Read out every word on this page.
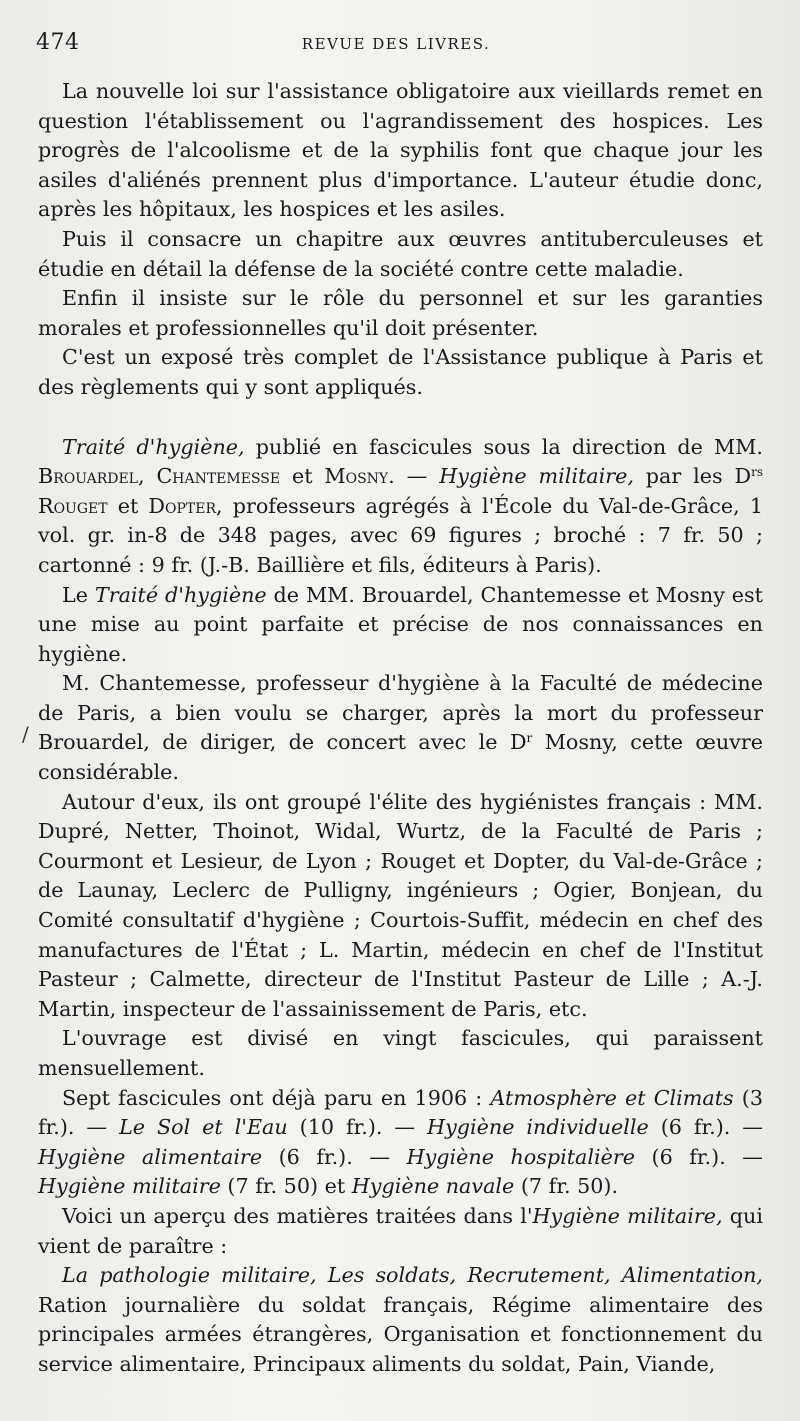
474	REVUE DES LIVRES.
/

La nouvelle loi sur l'assistance obligatoire aux vieillards remet en question l'établissement ou l'agrandissement des hospices. Les progrès de l'alcoolisme et de la syphilis font que chaque jour les asiles d'aliénés prennent plus d'importance. L'auteur étudie donc, après les hôpitaux, les hospices et les asiles.

Puis il consacre un chapitre aux œuvres antituberculeuses et étudie en détail la défense de la société contre cette maladie.

Enfin il insiste sur le rôle du personnel et sur les garanties morales et professionnelles qu'il doit présenter.

C'est un exposé très complet de l'Assistance publique à Paris et des règlements qui y sont appliqués.

Traité d'hygiène, publié en fascicules sous la direction de MM. Brouardel, Chantemesse et Mosny. — Hygiène militaire, par les $D^{rs}$ Rouget et Dopter, professeurs agrégés à l'École du Val-de-Grâce, 1 vol. gr. in-8 de 348 pages, avec 69 figures ; broché : 7 fr. 50 ; cartonné : 9 fr. (J.-B. Baillière et fils, éditeurs à Paris).

Le Traité d'hygiène de MM. Brouardel, Chantemesse et Mosny est une mise au point parfaite et précise de nos connaissances en hygiène.

M. Chantemesse, professeur d'hygiène à la Faculté de médecine de Paris, a bien voulu se charger, après la mort du professeur Brouardel, de diriger, de concert avec le $D^r$ Mosny, cette œuvre considérable.

Autour d'eux, ils ont groupé l'élite des hygiénistes français : MM. Dupré, Netter, Thoinot, Widal, Wurtz, de la Faculté de Paris ; Courmont et Lesieur, de Lyon ; Rouget et Dopter, du Val-de-Grâce ; de Launay, Leclerc de Pulligny, ingénieurs ; Ogier, Bonjean, du Comité consultatif d'hygiène ; Courtois-Suffit, médecin en chef des manufactures de l'État ; L. Martin, médecin en chef de l'Institut Pasteur ; Calmette, directeur de l'Institut Pasteur de Lille ; A.-J. Martin, inspecteur de l'assainissement de Paris, etc.

L'ouvrage est divisé en vingt fascicules, qui paraissent mensuellement.

Sept fascicules ont déjà paru en 1906 : Atmosphère et Climats (3 fr.). — Le Sol et l'Eau (10 fr.). — Hygiène individuelle (6 fr.). — Hygiène alimentaire (6 fr.). — Hygiène hospitalière (6 fr.). — Hygiène militaire (7 fr. 50) et Hygiène navale (7 fr. 50).

Voici un aperçu des matières traitées dans l'Hygiène militaire, qui vient de paraître :

La pathologie militaire, Les soldats, Recrutement, Alimentation, Ration journalière du soldat français, Régime alimentaire des principales armées étrangères, Organisation et fonctionnement du service alimentaire, Principaux aliments du soldat, Pain, Viande,
